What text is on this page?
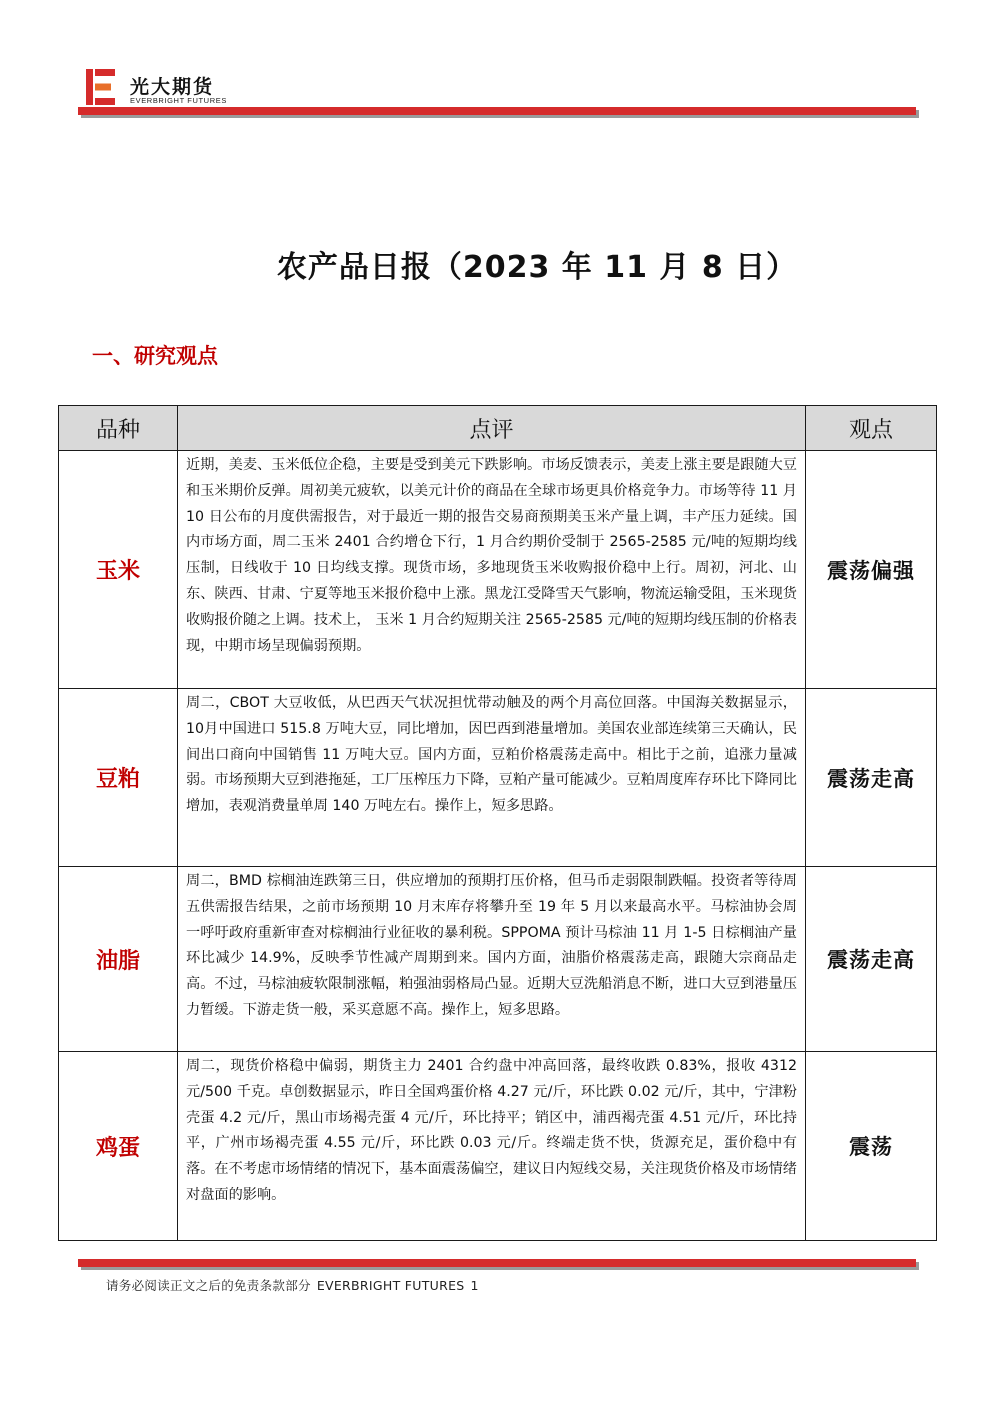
光大期货
EVERBRIGHT FUTURES
农产品日报（2023 年 11 月 8 日）
一、研究观点
品种	点评	观点
玉米	近期，美麦、玉米低位企稳，主要是受到美元下跌影响。市场反馈表示，美麦上涨主要是跟随大豆和玉米期价反弹。周初美元疲软，以美元计价的商品在全球市场更具价格竞争力。市场等待 11 月 10 日公布的月度供需报告，对于最近一期的报告交易商预期美玉米产量上调，丰产压力延续。国内市场方面，周二玉米 2401 合约增仓下行，1 月合约期价受制于 2565-2585 元/吨的短期均线压制，日线收于 10 日均线支撑。现货市场，多地现货玉米收购报价稳中上行。周初，河北、山东、陕西、甘肃、宁夏等地玉米报价稳中上涨。黑龙江受降雪天气影响，物流运输受阻，玉米现货收购报价随之上调。技术上， 玉米 1 月合约短期关注 2565-2585 元/吨的短期均线压制的价格表现，中期市场呈现偏弱预期。	震荡偏强
豆粕	周二，CBOT 大豆收低，从巴西天气状况担忧带动触及的两个月高位回落。中国海关数据显示，10月中国进口 515.8 万吨大豆，同比增加，因巴西到港量增加。美国农业部连续第三天确认，民间出口商向中国销售 11 万吨大豆。国内方面，豆粕价格震荡走高中。相比于之前，追涨力量减弱。市场预期大豆到港拖延，工厂压榨压力下降，豆粕产量可能减少。豆粕周度库存环比下降同比增加，表观消费量单周 140 万吨左右。操作上，短多思路。	震荡走高
油脂	周二，BMD 棕榈油连跌第三日，供应增加的预期打压价格，但马币走弱限制跌幅。投资者等待周五供需报告结果，之前市场预期 10 月末库存将攀升至 19 年 5 月以来最高水平。马棕油协会周一呼吁政府重新审查对棕榈油行业征收的暴利税。SPPOMA 预计马棕油 11 月 1-5 日棕榈油产量环比减少 14.9%，反映季节性减产周期到来。国内方面，油脂价格震荡走高，跟随大宗商品走高。不过，马棕油疲软限制涨幅，粕强油弱格局凸显。近期大豆洗船消息不断，进口大豆到港量压力暂缓。下游走货一般，采买意愿不高。操作上，短多思路。	震荡走高
鸡蛋	周二，现货价格稳中偏弱，期货主力 2401 合约盘中冲高回落，最终收跌 0.83%，报收 4312 元/500 千克。卓创数据显示，昨日全国鸡蛋价格 4.27 元/斤，环比跌 0.02 元/斤，其中，宁津粉壳蛋 4.2 元/斤，黑山市场褐壳蛋 4 元/斤，环比持平；销区中，浦西褐壳蛋 4.51 元/斤，环比持平，广州市场褐壳蛋 4.55 元/斤，环比跌 0.03 元/斤。终端走货不快，货源充足，蛋价稳中有落。在不考虑市场情绪的情况下，基本面震荡偏空，建议日内短线交易，关注现货价格及市场情绪对盘面的影响。	震荡
请务必阅读正文之后的免责条款部分 EVERBRIGHT FUTURES 1
